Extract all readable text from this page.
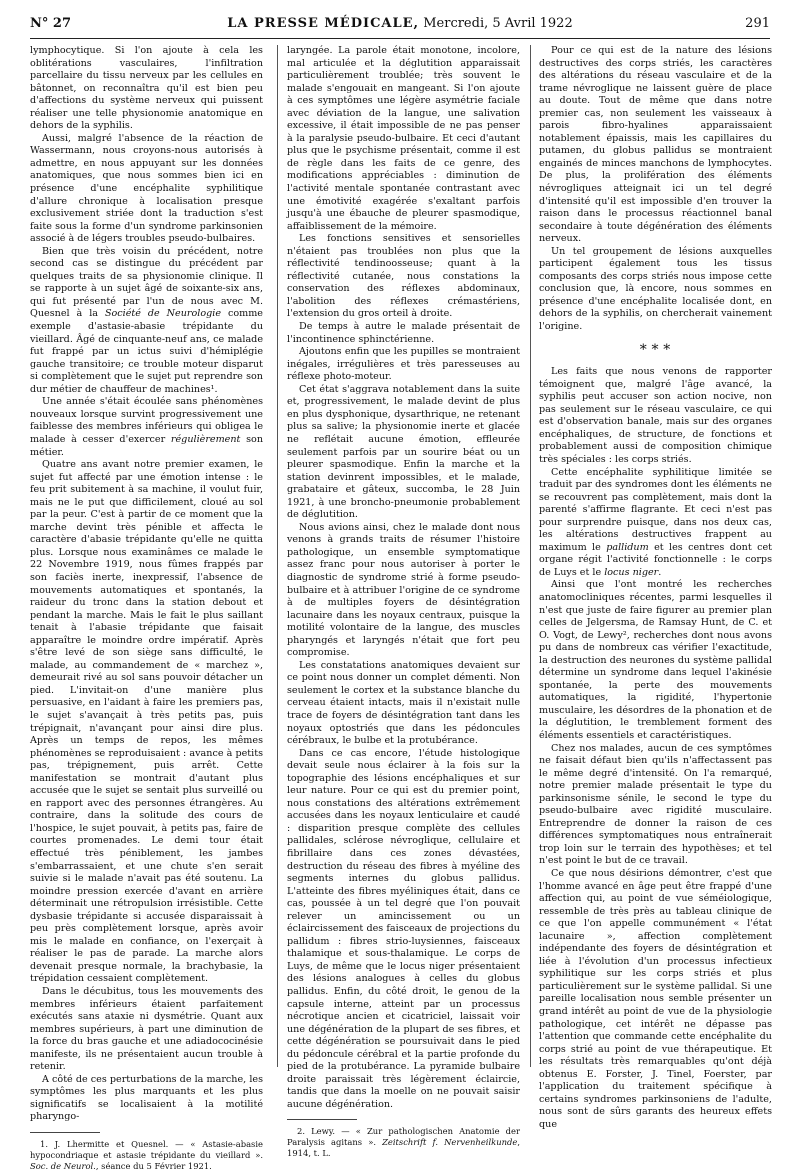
N° 27	LA PRESSE MÉDICALE, Mercredi, 5 Avril 1922	291

lymphocytique. Si l'on ajoute à cela les oblitérations vasculaires, l'infiltration parcellaire du tissu nerveux par les cellules en bâtonnet, on reconnaîtra qu'il est bien peu d'affections du système nerveux qui puissent réaliser une telle physionomie anatomique en dehors de la syphilis.

Aussi, malgré l'absence de la réaction de Wassermann, nous croyons-nous autorisés à admettre, en nous appuyant sur les données anatomiques, que nous sommes bien ici en présence d'une encéphalite syphilitique d'allure chronique à localisation presque exclusivement striée dont la traduction s'est faite sous la forme d'un syndrome parkinsonien associé à de légers troubles pseudo-bulbaires.

Bien que très voisin du précédent, notre second cas se distingue du précédent par quelques traits de sa physionomie clinique. Il se rapporte à un sujet âgé de soixante-six ans, qui fut présenté par l'un de nous avec M. Quesnel à la Société de Neurologie comme exemple d'astasie-abasie trépidante du vieillard. Âgé de cinquante-neuf ans, ce malade fut frappé par un ictus suivi d'hémiplégie gauche transitoire; ce trouble moteur disparut si complètement que le sujet put reprendre son dur métier de chauffeur de machines¹.

Une année s'était écoulée sans phénomènes nouveaux lorsque survint progressivement une faiblesse des membres inférieurs qui obligea le malade à cesser d'exercer régulièrement son métier.

Quatre ans avant notre premier examen, le sujet fut affecté par une émotion intense : le feu prit subitement à sa machine, il voulut fuir, mais ne le put que difficilement, cloué au sol par la peur. C'est à partir de ce moment que la marche devint très pénible et affecta le caractère d'abasie trépidante qu'elle ne quitta plus. Lorsque nous examinâmes ce malade le 22 Novembre 1919, nous fûmes frappés par son faciès inerte, inexpressif, l'absence de mouvements automatiques et spontanés, la raideur du tronc dans la station debout et pendant la marche. Mais le fait le plus saillant tenait à l'abasie trépidante que faisait apparaître le moindre ordre impératif. Après s'être levé de son siège sans difficulté, le malade, au commandement de « marchez », demeurait rivé au sol sans pouvoir détacher un pied. L'invitait-on d'une manière plus persuasive, en l'aidant à faire les premiers pas, le sujet s'avançait à très petits pas, puis trépignait, n'avançant pour ainsi dire plus. Après un temps de repos, les mêmes phénomènes se reproduisaient : avance à petits pas, trépignement, puis arrêt. Cette manifestation se montrait d'autant plus accusée que le sujet se sentait plus surveillé ou en rapport avec des personnes étrangères. Au contraire, dans la solitude des cours de l'hospice, le sujet pouvait, à petits pas, faire de courtes promenades. Le demi tour était effectué très péniblement, les jambes s'embarrassaient, et une chute s'en serait suivie si le malade n'avait pas été soutenu. La moindre pression exercée d'avant en arrière déterminait une rétropulsion irrésistible. Cette dysbasie trépidante si accusée disparaissait à peu près complètement lorsque, après avoir mis le malade en confiance, on l'exerçait à réaliser le pas de parade. La marche alors devenait presque normale, la brachybasie, la trépidation cessaient complètement.

Dans le décubitus, tous les mouvements des membres inférieurs étaient parfaitement exécutés sans ataxie ni dysmétrie. Quant aux membres supérieurs, à part une diminution de la force du bras gauche et une adiadococinésie manifeste, ils ne présentaient aucun trouble à retenir.

A côté de ces perturbations de la marche, les symptômes les plus marquants et les plus significatifs se localisaient à la motilité pharyngo-

1. J. Lhermitte et Quesnel. — « Astasie-abasie hypocondriaque et astasie trépidante du vieillard ». Soc. de Neurol., séance du 5 Février 1921.

laryngée. La parole était monotone, incolore, mal articulée et la déglutition apparaissait particulièrement troublée; très souvent le malade s'engouait en mangeant. Si l'on ajoute à ces symptômes une légère asymétrie faciale avec déviation de la langue, une salivation excessive, il était impossible de ne pas penser à la paralysie pseudo-bulbaire. Et ceci d'autant plus que le psychisme présentait, comme il est de règle dans les faits de ce genre, des modifications appréciables : diminution de l'activité mentale spontanée contrastant avec une émotivité exagérée s'exaltant parfois jusqu'à une ébauche de pleurer spasmodique, affaiblissement de la mémoire.

Les fonctions sensitives et sensorielles n'étaient pas troublées non plus que la réflectivité tendinoosseuse; quant à la réflectivité cutanée, nous constations la conservation des réflexes abdominaux, l'abolition des réflexes crémastériens, l'extension du gros orteil à droite.

De temps à autre le malade présentait de l'incontinence sphinctérienne.

Ajoutons enfin que les pupilles se montraient inégales, irrégulières et très paresseuses au réflexe photo-moteur.

Cet état s'aggrava notablement dans la suite et, progressivement, le malade devint de plus en plus dysphonique, dysarthrique, ne retenant plus sa salive; la physionomie inerte et glacée ne reflétait aucune émotion, effleurée seulement parfois par un sourire béat ou un pleurer spasmodique. Enfin la marche et la station devinrent impossibles, et le malade, grabataire et gâteux, succomba, le 28 Juin 1921, à une broncho-pneumonie probablement de déglutition.

Nous avions ainsi, chez le malade dont nous venons à grands traits de résumer l'histoire pathologique, un ensemble symptomatique assez franc pour nous autoriser à porter le diagnostic de syndrome strié à forme pseudo-bulbaire et à attribuer l'origine de ce syndrome à de multiples foyers de désintégration lacunaire dans les noyaux centraux, puisque la motilité volontaire de la langue, des muscles pharyngés et laryngés n'était que fort peu compromise.

Les constatations anatomiques devaient sur ce point nous donner un complet démenti. Non seulement le cortex et la substance blanche du cerveau étaient intacts, mais il n'existait nulle trace de foyers de désintégration tant dans les noyaux optostriés que dans les pédoncules cérébraux, le bulbe et la protubérance.

Dans ce cas encore, l'étude histologique devait seule nous éclairer à la fois sur la topographie des lésions encéphaliques et sur leur nature. Pour ce qui est du premier point, nous constations des altérations extrêmement accusées dans les noyaux lenticulaire et caudé : disparition presque complète des cellules pallidales, sclérose névroglique, cellulaire et fibrillaire dans ces zones dévastées, destruction du réseau des fibres à myéline des segments internes du globus pallidus. L'atteinte des fibres myéliniques était, dans ce cas, poussée à un tel degré que l'on pouvait relever un amincissement ou un éclaircissement des faisceaux de projections du pallidum : fibres strio-luysiennes, faisceaux thalamique et sous-thalamique. Le corps de Luys, de même que le locus niger présentaient des lésions analogues à celles du globus pallidus. Enfin, du côté droit, le genou de la capsule interne, atteint par un processus nécrotique ancien et cicatriciel, laissait voir une dégénération de la plupart de ses fibres, et cette dégénération se poursuivait dans le pied du pédoncule cérébral et la partie profonde du pied de la protubérance. La pyramide bulbaire droite paraissait très légèrement éclaircie, tandis que dans la moelle on ne pouvait saisir aucune dégénération.

2. Lewy. — « Zur pathologischen Anatomie der Paralysis agitans ». Zeitschrift f. Nervenheilkunde, 1914, t. L.

Pour ce qui est de la nature des lésions destructives des corps striés, les caractères des altérations du réseau vasculaire et de la trame névroglique ne laissent guère de place au doute. Tout de même que dans notre premier cas, non seulement les vaisseaux à parois fibro-hyalines apparaissaient notablement épaissis, mais les capillaires du putamen, du globus pallidus se montraient engainés de minces manchons de lymphocytes. De plus, la prolifération des éléments névrogliques atteignait ici un tel degré d'intensité qu'il est impossible d'en trouver la raison dans le processus réactionnel banal secondaire à toute dégénération des éléments nerveux.

Un tel groupement de lésions auxquelles participent également tous les tissus composants des corps striés nous impose cette conclusion que, là encore, nous sommes en présence d'une encéphalite localisée dont, en dehors de la syphilis, on chercherait vainement l'origine.

* * *

Les faits que nous venons de rapporter témoignent que, malgré l'âge avancé, la syphilis peut accuser son action nocive, non pas seulement sur le réseau vasculaire, ce qui est d'observation banale, mais sur des organes encéphaliques, de structure, de fonctions et probablement aussi de composition chimique très spéciales : les corps striés.

Cette encéphalite syphilitique limitée se traduit par des syndromes dont les éléments ne se recouvrent pas complètement, mais dont la parenté s'affirme flagrante. Et ceci n'est pas pour surprendre puisque, dans nos deux cas, les altérations destructives frappent au maximum le pallidum et les centres dont cet organe régit l'activité fonctionnelle : le corps de Luys et le locus niger.

Ainsi que l'ont montré les recherches anatomocliniques récentes, parmi lesquelles il n'est que juste de faire figurer au premier plan celles de Jelgersma, de Ramsay Hunt, de C. et O. Vogt, de Lewy², recherches dont nous avons pu dans de nombreux cas vérifier l'exactitude, la destruction des neurones du système pallidal détermine un syndrome dans lequel l'akinésie spontanée, la perte des mouvements automatiques, la rigidité, l'hypertonie musculaire, les désordres de la phonation et de la déglutition, le tremblement forment des éléments essentiels et caractéristiques.

Chez nos malades, aucun de ces symptômes ne faisait défaut bien qu'ils n'affectassent pas le même degré d'intensité. On l'a remarqué, notre premier malade présentait le type du parkinsonisme sénile, le second le type du pseudo-bulbaire avec rigidité musculaire. Entreprendre de donner la raison de ces différences symptomatiques nous entraînerait trop loin sur le terrain des hypothèses; et tel n'est point le but de ce travail.

Ce que nous désirions démontrer, c'est que l'homme avancé en âge peut être frappé d'une affection qui, au point de vue séméiologique, ressemble de très près au tableau clinique de ce que l'on appelle communément « l'état lacunaire », affection complètement indépendante des foyers de désintégration et liée à l'évolution d'un processus infectieux syphilitique sur les corps striés et plus particulièrement sur le système pallidal. Si une pareille localisation nous semble présenter un grand intérêt au point de vue de la physiologie pathologique, cet intérêt ne dépasse pas l'attention que commande cette encéphalite du corps strié au point de vue thérapeutique. Et les résultats très remarquables qu'ont déjà obtenus E. Forster, J. Tinel, Foerster, par l'application du traitement spécifique à certains syndromes parkinsoniens de l'adulte, nous sont de sûrs garants des heureux effets que
